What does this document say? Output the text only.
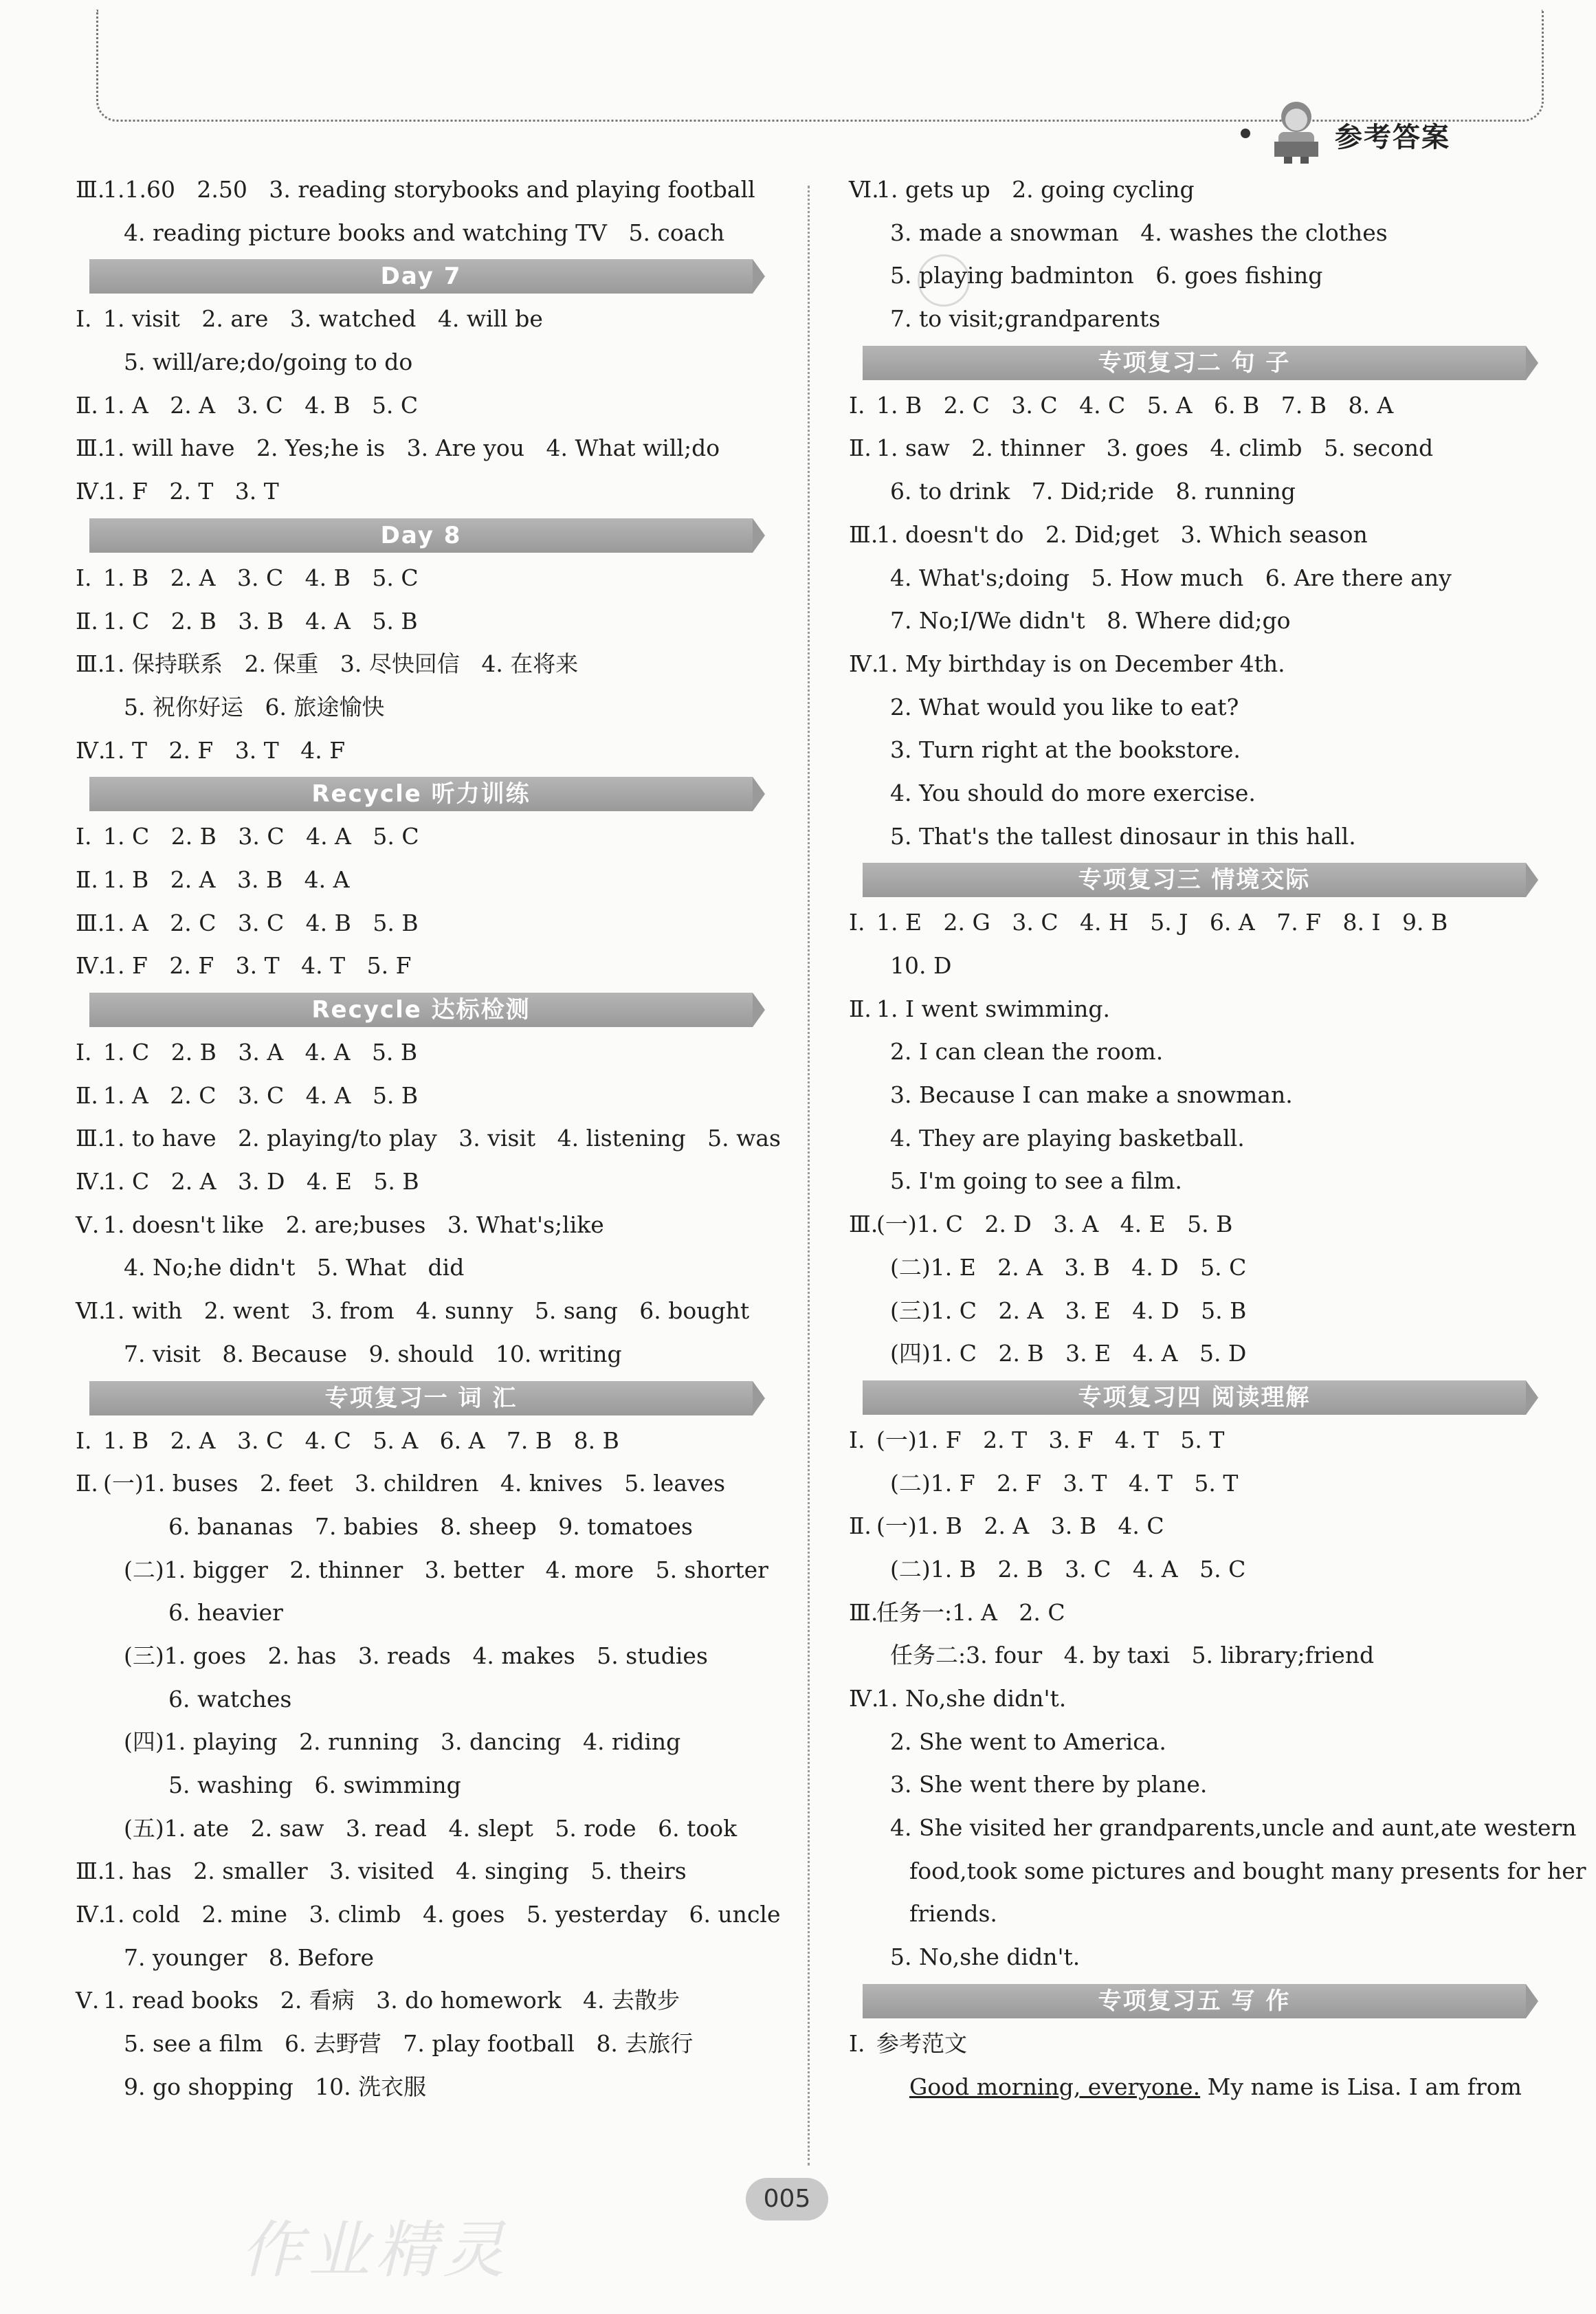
参考答案
Ⅲ.1.1.60   2.50   3. reading storybooks and playing football
4. reading picture books and watching TV   5. coach
Day 7
Ⅰ. 1. visit   2. are   3. watched   4. will be
5. will/are;do/going to do
Ⅱ. 1. A   2. A   3. C   4. B   5. C
Ⅲ.1. will have   2. Yes;he is   3. Are you   4. What will;do
Ⅳ.1. F   2. T   3. T
Day 8
Ⅰ. 1. B   2. A   3. C   4. B   5. C
Ⅱ. 1. C   2. B   3. B   4. A   5. B
Ⅲ.1. 保持联系   2. 保重   3. 尽快回信   4. 在将来
5. 祝你好运   6. 旅途愉快
Ⅳ.1. T   2. F   3. T   4. F
Recycle 听力训练
Ⅰ. 1. C   2. B   3. C   4. A   5. C
Ⅱ. 1. B   2. A   3. B   4. A
Ⅲ.1. A   2. C   3. C   4. B   5. B
Ⅳ.1. F   2. F   3. T   4. T   5. F
Recycle 达标检测
Ⅰ. 1. C   2. B   3. A   4. A   5. B
Ⅱ. 1. A   2. C   3. C   4. A   5. B
Ⅲ.1. to have   2. playing/to play   3. visit   4. listening   5. was
Ⅳ.1. C   2. A   3. D   4. E   5. B
Ⅴ. 1. doesn't like   2. are;buses   3. What's;like
4. No;he didn't   5. What   did
Ⅵ.1. with   2. went   3. from   4. sunny   5. sang   6. bought
7. visit   8. Because   9. should   10. writing
专项复习一 词 汇
Ⅰ. 1. B   2. A   3. C   4. C   5. A   6. A   7. B   8. B
Ⅱ. (一)1. buses   2. feet   3. children   4. knives   5. leaves
6. bananas   7. babies   8. sheep   9. tomatoes
(二)1. bigger   2. thinner   3. better   4. more   5. shorter
6. heavier
(三)1. goes   2. has   3. reads   4. makes   5. studies
6. watches
(四)1. playing   2. running   3. dancing   4. riding
5. washing   6. swimming
(五)1. ate   2. saw   3. read   4. slept   5. rode   6. took
Ⅲ.1. has   2. smaller   3. visited   4. singing   5. theirs
Ⅳ.1. cold   2. mine   3. climb   4. goes   5. yesterday   6. uncle
7. younger   8. Before
Ⅴ. 1. read books   2. 看病   3. do homework   4. 去散步
5. see a film   6. 去野营   7. play football   8. 去旅行
9. go shopping   10. 洗衣服
Ⅵ.1. gets up   2. going cycling
3. made a snowman   4. washes the clothes
5. playing badminton   6. goes fishing
7. to visit;grandparents
专项复习二 句 子
Ⅰ. 1. B   2. C   3. C   4. C   5. A   6. B   7. B   8. A
Ⅱ. 1. saw   2. thinner   3. goes   4. climb   5. second
6. to drink   7. Did;ride   8. running
Ⅲ.1. doesn't do   2. Did;get   3. Which season
4. What's;doing   5. How much   6. Are there any
7. No;I/We didn't   8. Where did;go
Ⅳ.1. My birthday is on December 4th.
2. What would you like to eat?
3. Turn right at the bookstore.
4. You should do more exercise.
5. That's the tallest dinosaur in this hall.
专项复习三 情境交际
Ⅰ. 1. E   2. G   3. C   4. H   5. J   6. A   7. F   8. I   9. B
10. D
Ⅱ. 1. I went swimming.
2. I can clean the room.
3. Because I can make a snowman.
4. They are playing basketball.
5. I'm going to see a film.
Ⅲ.(一)1. C   2. D   3. A   4. E   5. B
(二)1. E   2. A   3. B   4. D   5. C
(三)1. C   2. A   3. E   4. D   5. B
(四)1. C   2. B   3. E   4. A   5. D
专项复习四 阅读理解
Ⅰ. (一)1. F   2. T   3. F   4. T   5. T
(二)1. F   2. F   3. T   4. T   5. T
Ⅱ. (一)1. B   2. A   3. B   4. C
(二)1. B   2. B   3. C   4. A   5. C
Ⅲ.任务一:1. A   2. C
任务二:3. four   4. by taxi   5. library;friend
Ⅳ.1. No,she didn't.
2. She went to America.
3. She went there by plane.
4. She visited her grandparents,uncle and aunt,ate western
food,took some pictures and bought many presents for her
friends.
5. No,she didn't.
专项复习五 写 作
Ⅰ. 参考范文
Good morning, everyone. My name is Lisa. I am from
005
作业精灵
